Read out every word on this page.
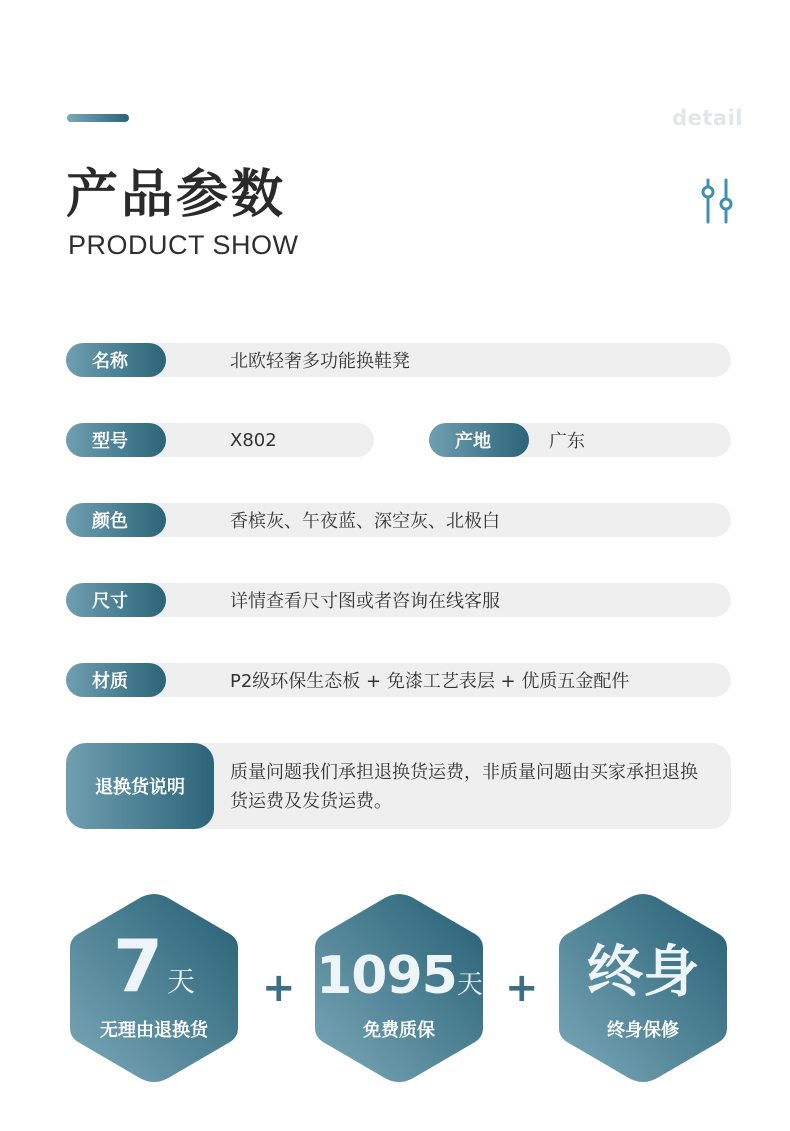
detail
产品参数
PRODUCT SHOW
名称	北欧轻奢多功能换鞋凳
型号	X802	产地	广东
颜色	香槟灰、午夜蓝、深空灰、北极白
尺寸	详情查看尺寸图或者咨询在线客服
材质	P2级环保生态板 + 免漆工艺表层 + 优质五金配件
退换货说明
质量问题我们承担退换货运费，非质量问题由买家承担退换货运费及发货运费。
7 天
无理由退换货
+ 1095天
免费质保
+ 终身
终身保修
